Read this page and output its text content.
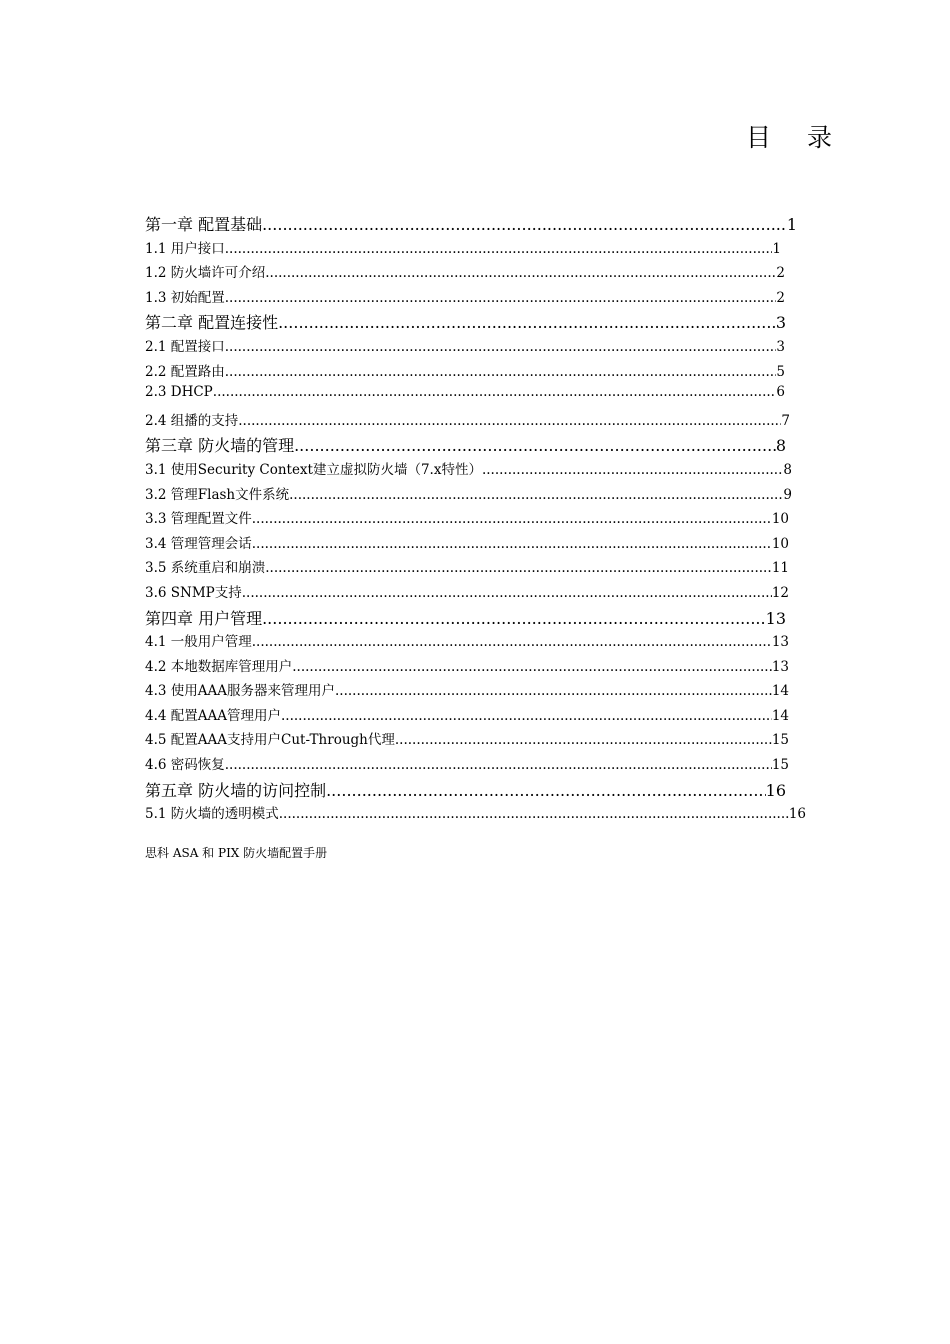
目 录
第一章 配置基础 .....	1
1.1 用户接口 .....	1
1.2 防火墙许可介绍 .....	2
1.3 初始配置 .....	2
第二章 配置连接性 .....	3
2.1 配置接口 .....	3
2.2 配置路由 .....	5
2.3 DHCP .....	6
2.4 组播的支持 .....	7
第三章 防火墙的管理 .....	8
3.1 使用Security Context建立虚拟防火墙（7.x特性） .....	8
3.2 管理Flash文件系统 .....	9
3.3 管理配置文件 .....	10
3.4 管理管理会话 .....	10
3.5 系统重启和崩溃 .....	11
3.6 SNMP支持 .....	12
第四章 用户管理 .....	13
4.1 一般用户管理 .....	13
4.2 本地数据库管理用户 .....	13
4.3 使用AAA服务器来管理用户 .....	14
4.4 配置AAA管理用户 .....	14
4.5 配置AAA支持用户Cut-Through代理 .....	15
4.6 密码恢复 .....	15
第五章 防火墙的访问控制 .....	16
5.1 防火墙的透明模式 .....	16
思科 ASA 和 PIX 防火墙配置手册
